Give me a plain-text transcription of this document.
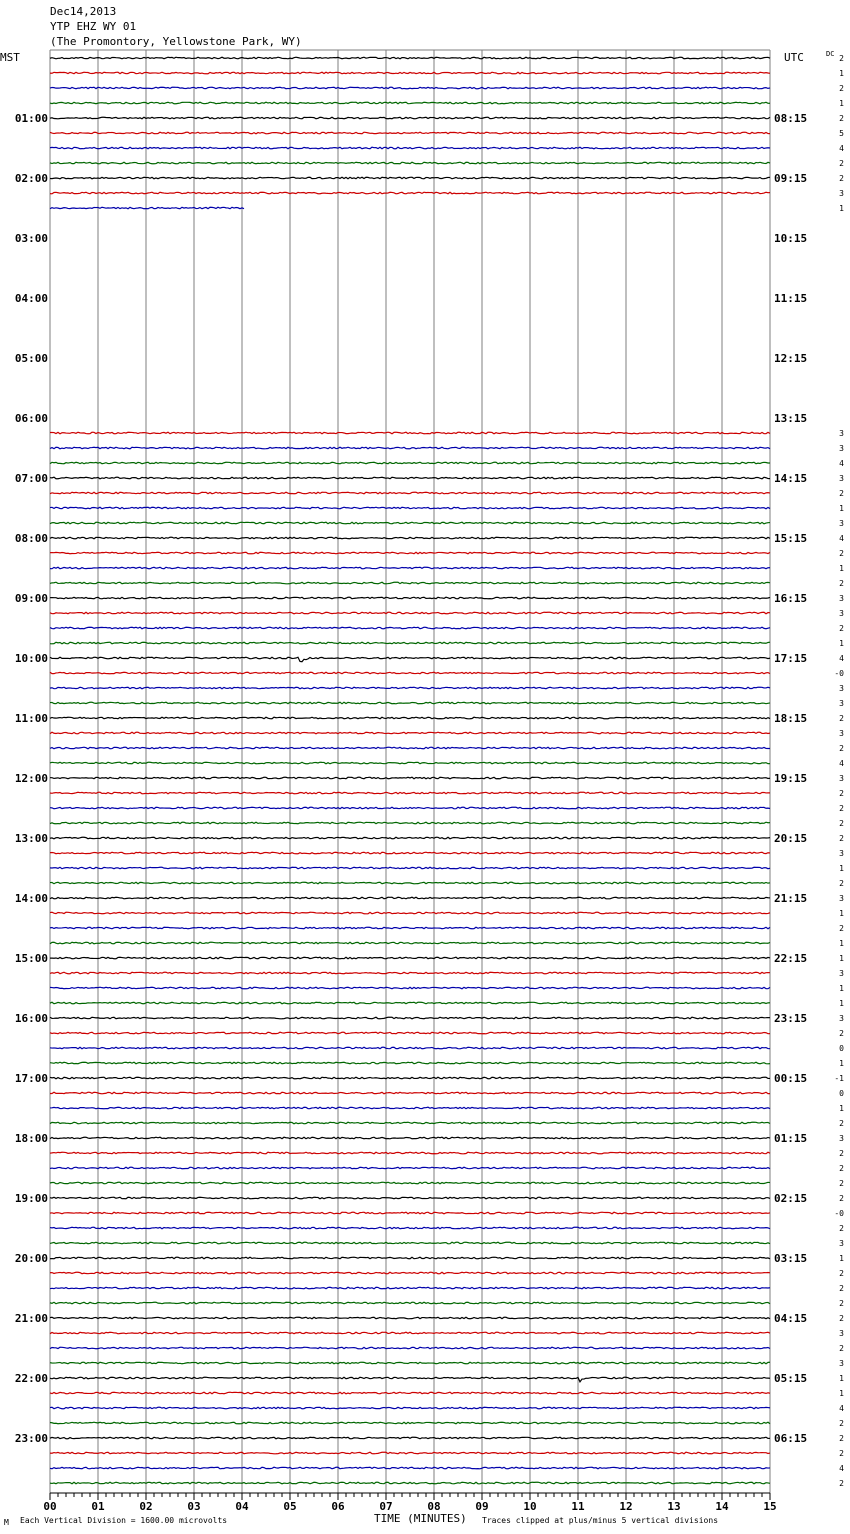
Dec14,2013
YTP EHZ WY 01
(The Promontory, Yellowstone Park, WY)
2
1
2
1
2
5
4
2
2
3
1
3
3
4
3
2
1
3
4
2
1
2
3
3
2
1
4
-0
3
3
2
3
2
4
3
2
2
2
2
3
1
2
3
1
2
1
1
3
1
1
3
2
0
1
-1
0
1
2
3
2
2
2
2
-0
2
3
1
2
2
2
2
3
2
3
1
1
4
2
2
2
4
2
MST	UTC	DC
01:00
02:00
03:00
04:00
05:00
06:00
07:00
08:00
09:00
10:00
11:00
12:00
13:00
14:00
15:00
16:00
17:00
18:00
19:00
20:00
21:00
22:00
23:00
08:15
09:15
10:15
11:15
12:15
13:15
14:15
15:15
16:15
17:15
18:15
19:15
20:15
21:15
22:15
23:15
00:15
01:15
02:15
03:15
04:15
05:15
06:15
00	01	02	03	04	05	06	07	08	09	10	11	12	13	14	15
M Each Vertical Division = 1600.00 microvolts	TIME (MINUTES) Traces clipped at plus/minus 5 vertical divisions
